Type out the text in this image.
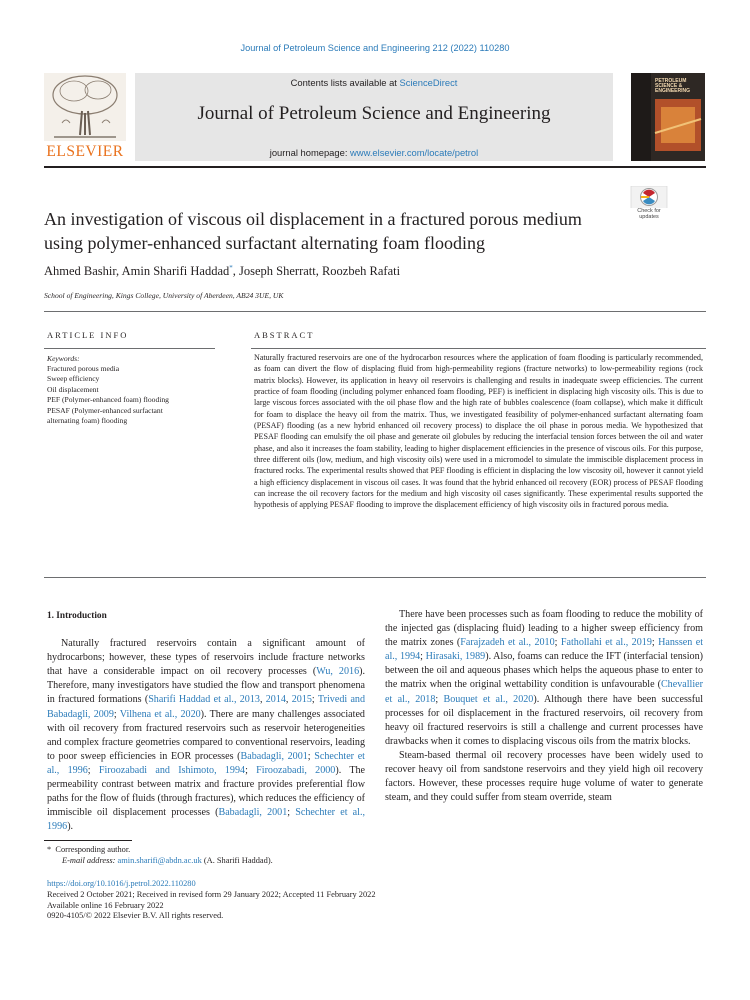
Journal of Petroleum Science and Engineering 212 (2022) 110280
ELSEVIER
Contents lists available at ScienceDirect
Journal of Petroleum Science and Engineering
journal homepage: www.elsevier.com/locate/petrol
PETROLEUM
SCIENCE &
ENGINEERING
An investigation of viscous oil displacement in a fractured porous medium
using polymer-enhanced surfactant alternating foam flooding
Check for
updates
Ahmed Bashir, Amin Sharifi Haddad*, Joseph Sherratt, Roozbeh Rafati
School of Engineering, Kings College, University of Aberdeen, AB24 3UE, UK
ARTICLE INFO
Keywords:
Fractured porous media
Sweep efficiency
Oil displacement
PEF (Polymer-enhanced foam) flooding
PESAF (Polymer-enhanced surfactant
alternating foam) flooding
ABSTRACT
Naturally fractured reservoirs are one of the hydrocarbon resources where the application of foam flooding is particularly recommended, as foam can divert the flow of displacing fluid from high-permeability regions (fracture networks) to low-permeability regions (rock matrix blocks). However, its application in heavy oil reservoirs is challenging and results in inadequate sweep efficiencies. The current practice of foam flooding (including polymer enhanced foam flooding, PEF) is inefficient in displacing high viscosity oils. This is due to large viscous forces associated with the oil phase flow and the high rate of bubbles coalescence (foam collapse), which make it difficult for foam to displace the heavy oil from the matrix. Thus, we investigated feasibility of polymer-enhanced surfactant alternating foam (PESAF) flooding (as a new hybrid enhanced oil recovery process) to displace the oil phase in porous media. We hypothesized that PESAF flooding can emulsify the oil phase and generate oil globules by reducing the interfacial tension forces between the oil and water phase, and also it increases the foam stability, leading to higher displacement efficiencies in the presence of viscous oils. For this purpose, three different oils (low, medium, and high viscosity oils) were used in a micromodel to simulate the immiscible displacement process in fractured rocks. The experimental results showed that PEF flooding is efficient in displacing the low viscosity oil, however it cannot yield a high efficiency displacement in viscous oil cases. It was found that the hybrid enhanced oil recovery (EOR) process of PESAF flooding can increase the oil recovery factors for the medium and high viscosity oil cases significantly. These experimental results supported the hypothesis of applying PESAF flooding to improve the displacement efficiency of high viscosity oils in fractured porous media.

1. Introduction

Naturally fractured reservoirs contain a significant amount of hydrocarbons; however, these types of reservoirs include fracture networks that have a considerable impact on oil recovery processes (Wu, 2016). Therefore, many investigators have studied the flow and transport phenomena in fractured formations (Sharifi Haddad et al., 2013, 2014, 2015; Trivedi and Babadagli, 2009; Vilhena et al., 2020). There are many challenges associated with oil recovery from fractured reservoirs such as reservoir heterogeneities and complex fracture geometries compared to conventional reservoirs, leading to poor sweep efficiencies in EOR processes (Babadagli, 2001; Schechter et al., 1996; Firoozabadi and Ishimoto, 1994; Firoozabadi, 2000). The permeability contrast between matrix and fracture provides preferential flow paths for the flow of fluids (through fractures), which reduces the efficiency of immiscible oil displacement processes (Babadagli, 2001; Schechter et al., 1996).

There have been processes such as foam flooding to reduce the mobility of the injected gas (displacing fluid) leading to a higher sweep efficiency from the matrix zones (Farajzadeh et al., 2010; Fathollahi et al., 2019; Hanssen et al., 1994; Hirasaki, 1989). Also, foams can reduce the IFT (interfacial tension) between the oil and aqueous phases which helps the aqueous phase to enter to the matrix when the original wettability condition is unfavourable (Chevallier et al., 2018; Bouquet et al., 2020). Although there have been successful processes for oil displacement in the fractured reservoirs, oil recovery from heavy oil fractured reservoirs is still a challenge and current processes have drawbacks when it comes to displacing viscous oils from the matrix blocks.

Steam-based thermal oil recovery processes have been widely used to recover heavy oil from sandstone reservoirs and they yield high oil recovery factors. However, these processes require huge volume of water to generate steam, and they could suffer from steam override, steam

* Corresponding author.
E-mail address: amin.sharifi@abdn.ac.uk (A. Sharifi Haddad).
https://doi.org/10.1016/j.petrol.2022.110280
Received 2 October 2021; Received in revised form 29 January 2022; Accepted 11 February 2022
Available online 16 February 2022
0920-4105/© 2022 Elsevier B.V. All rights reserved.
